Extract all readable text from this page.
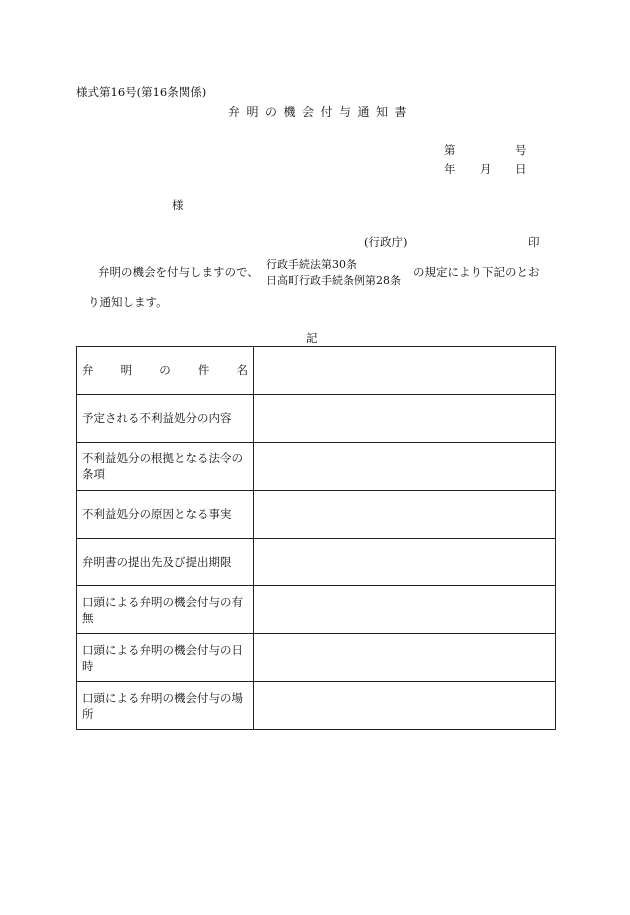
様式第16号(第16条関係)
弁明の機会付与通知書
第	号
年 月 日
様
(行政庁)	印
弁明の機会を付与しますので、
行政手続法第30条
日高町行政手続条例第28条
の規定により下記のとお
り通知します。
記
弁 明 の 件 名	

予定される不利益処分の内容	
不利益処分の根拠となる法令の条項	
不利益処分の原因となる事実	
弁明書の提出先及び提出期限	
口頭による弁明の機会付与の有無	
口頭による弁明の機会付与の日時	
口頭による弁明の機会付与の場所	
